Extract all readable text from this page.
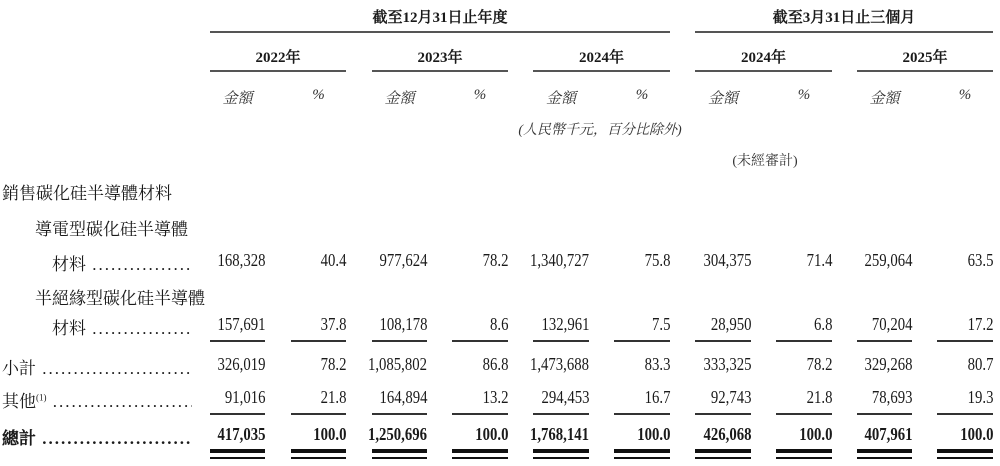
截至12月31日止年度	截至3月31日止三個月
(人民幣千元，百分比除外)
(未經審計)
2022年
金額	%
2023年
金額	%
2024年
金額	%
2024年
金額	%
2025年
金額	%
銷售碳化硅半導體材料
導電型碳化硅半導體
材料 .....	168,328	40.4	977,624	78.2	1,340,727	75.8	304,375	71.4	259,064	63.5
半絕緣型碳化硅半導體
材料 .....	157,691	37.8	108,178	8.6	132,961	7.5	28,950	6.8	70,204	17.2
小計 .....	326,019	78.2	1,085,802	86.8	1,473,688	83.3	333,325	78.2	329,268	80.7
其他$^{(1)}$ .....	91,016	21.8	164,894	13.2	294,453	16.7	92,743	21.8	78,693	19.3
總計 .....	417,035	100.0	1,250,696	100.0	1,768,141	100.0	426,068	100.0	407,961	100.0
